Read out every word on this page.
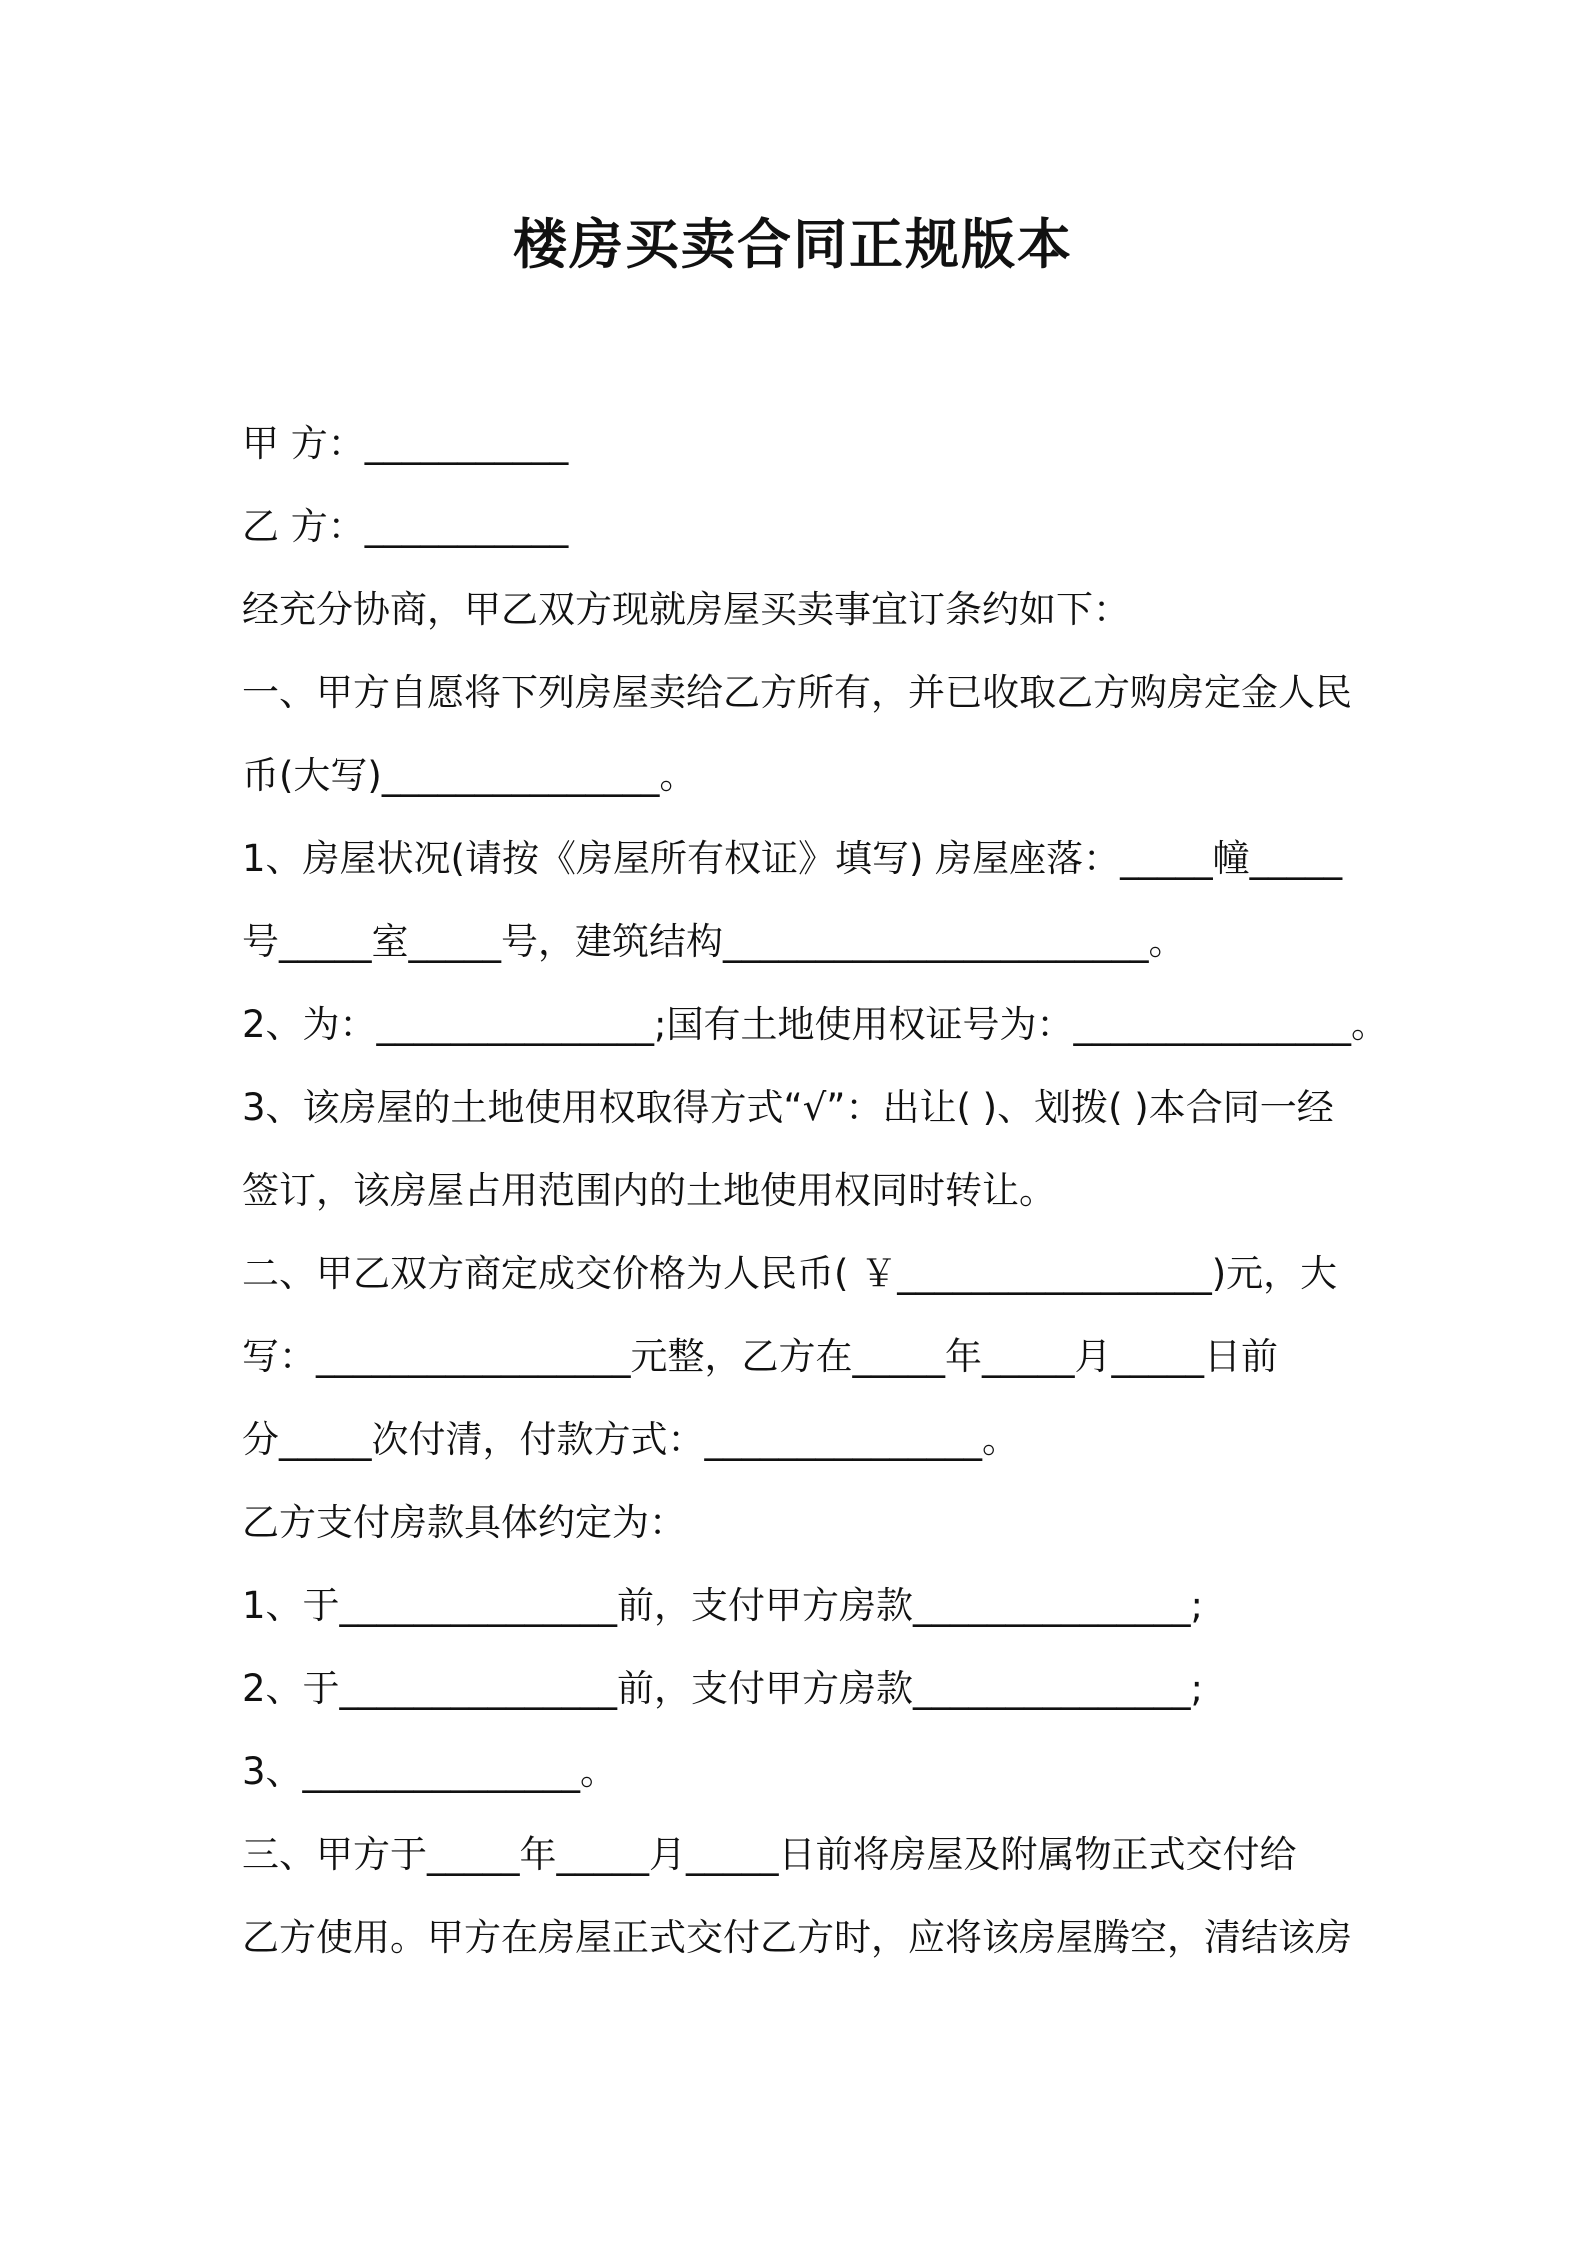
楼房买卖合同正规版本

甲 方：___________

乙 方：___________

经充分协商，甲乙双方现就房屋买卖事宜订条约如下：

一、甲方自愿将下列房屋卖给乙方所有，并已收取乙方购房定金人民

币(大写)_______________。

1、房屋状况(请按《房屋所有权证》填写) 房屋座落：_____幢_____

号_____室_____号，建筑结构_______________________。

2、为：_______________;国有土地使用权证号为：_______________。

3、该房屋的土地使用权取得方式“√”：出让( )、划拨( )本合同一经

签订，该房屋占用范围内的土地使用权同时转让。

二、甲乙双方商定成交价格为人民币( ￥_________________)元，大

写：_________________元整，乙方在_____年_____月_____日前

分_____次付清，付款方式：_______________。

乙方支付房款具体约定为：

1、于_______________前，支付甲方房款_______________;

2、于_______________前，支付甲方房款_______________;

3、_______________。

三、甲方于_____年_____月_____日前将房屋及附属物正式交付给

乙方使用。甲方在房屋正式交付乙方时，应将该房屋腾空，清结该房
